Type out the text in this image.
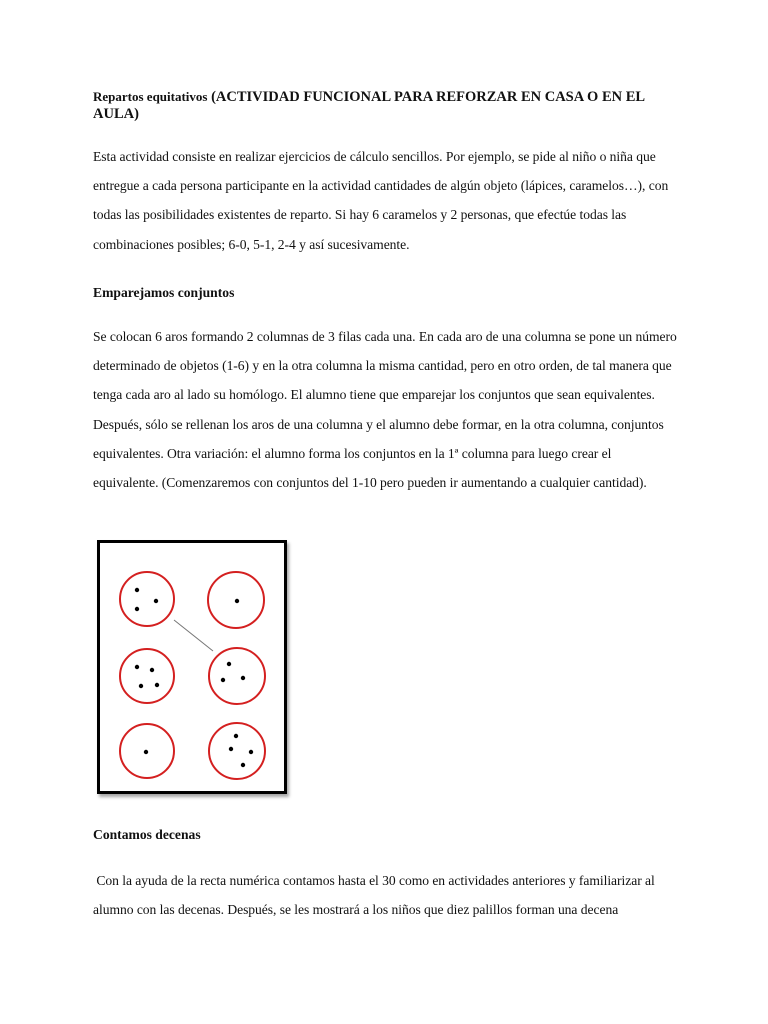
Repartos equitativos (ACTIVIDAD FUNCIONAL PARA REFORZAR EN CASA O EN EL AULA)

Esta actividad consiste en realizar ejercicios de cálculo sencillos. Por ejemplo, se pide al niño o niña que entregue a cada persona participante en la actividad cantidades de algún objeto (lápices, caramelos…), con todas las posibilidades existentes de reparto. Si hay 6 caramelos y 2 personas, que efectúe todas las combinaciones posibles; 6-0, 5-1, 2-4 y así sucesivamente.

Emparejamos conjuntos

Se colocan 6 aros formando 2 columnas de 3 filas cada una. En cada aro de una columna se pone un número determinado de objetos (1-6) y en la otra columna la misma cantidad, pero en otro orden, de tal manera que tenga cada aro al lado su homólogo. El alumno tiene que emparejar los conjuntos que sean equivalentes. Después, sólo se rellenan los aros de una columna y el alumno debe formar, en la otra columna, conjuntos equivalentes. Otra variación: el alumno forma los conjuntos en la 1ª columna para luego crear el equivalente. (Comenzaremos con conjuntos del 1-10 pero pueden ir aumentando a cualquier cantidad).

Contamos decenas

Con la ayuda de la recta numérica contamos hasta el 30 como en actividades anteriores y familiarizar al alumno con las decenas. Después, se les mostrará a los niños que diez palillos forman una decena
